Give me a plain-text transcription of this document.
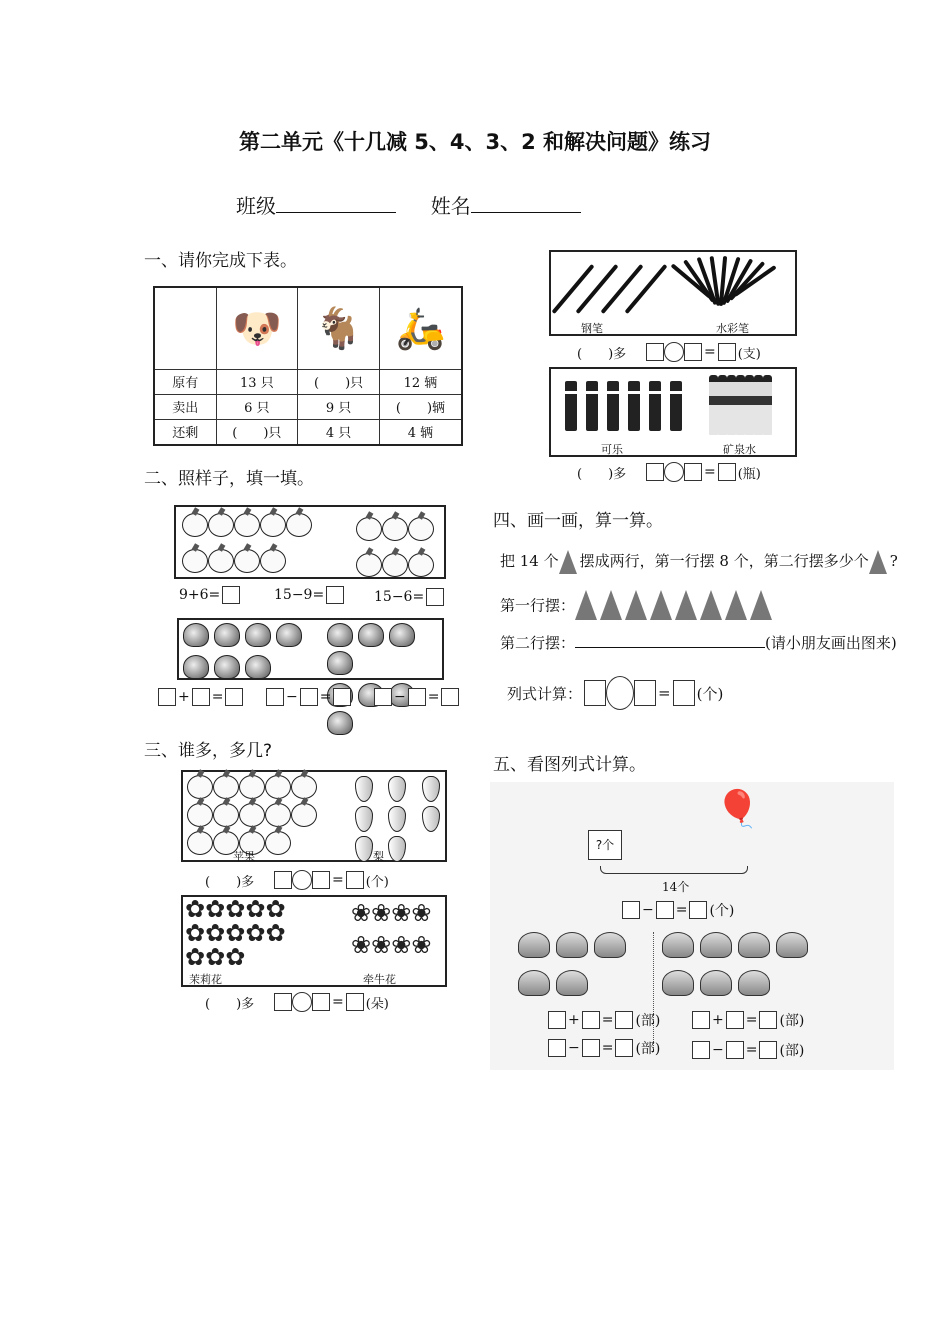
第二单元《十几减 5、4、3、2 和解决问题》练习
班级	姓名
一、请你完成下表。
	🐶	🐐	🛵
原有	13 只	(　　)只	12 辆
卖出	6 只	9 只	(　　)辆
还剩	(　　)只	4 只	4 辆
二、照样子，填一填。
9+6=	15−9=	15−6=

+ =	− =	− =
三、谁多，多几?

苹果	梨
(　　)多	= (个)
✿✿✿✿✿
✿✿✿✿✿
✿✿✿
❀❀❀❀
❀❀❀❀
茉莉花	牵牛花
(　　)多	= (朵)

钢笔	水彩笔
(　　)多	= (支)
可乐	矿泉水
(　　)多	= (瓶)
四、画一画，算一算。
把 14 个 摆成两行，第一行摆 8 个，第二行摆多少个 ?
第一行摆：
第二行摆：	(请小朋友画出图来)
列式计算：	= (个)
五、看图列式计算。
?个
🎈
14个
− = (个)

+ = (部)
− = (部)
+ = (部)
− = (部)
